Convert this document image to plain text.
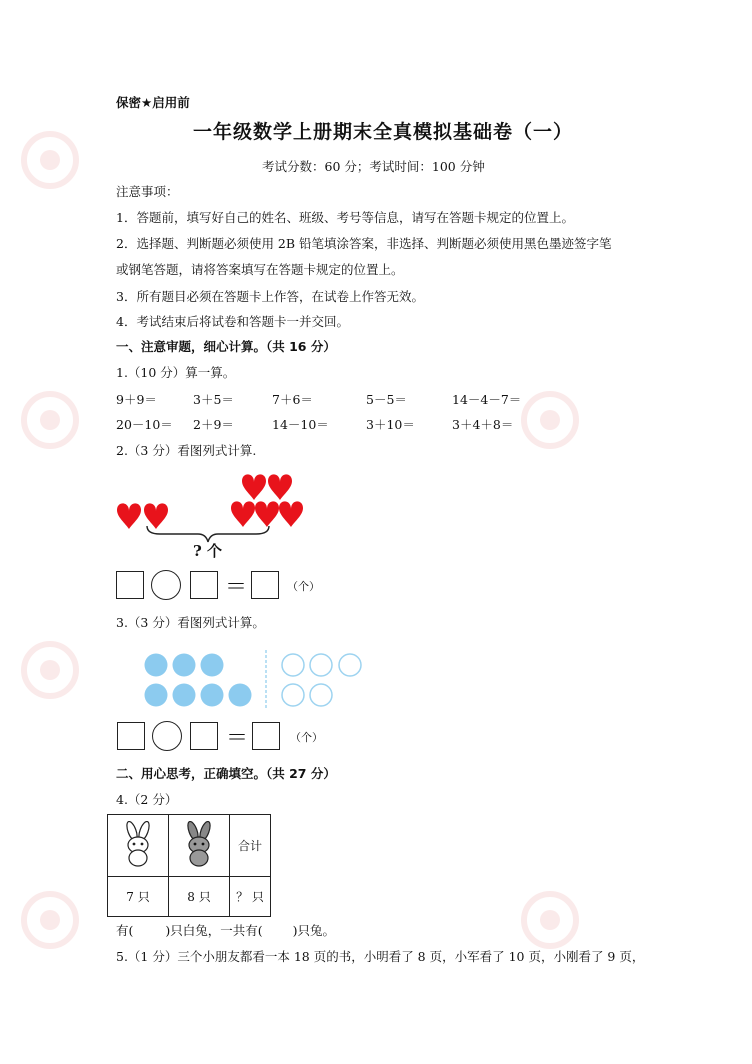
保密★启用前
一年级数学上册期末全真模拟基础卷（一）
考试分数：60 分；考试时间：100 分钟
注意事项：
1．答题前，填写好自己的姓名、班级、考号等信息，请写在答题卡规定的位置上。
2．选择题、判断题必须使用 2B 铅笔填涂答案，非选择、判断题必须使用黑色墨迹签字笔
或钢笔答题，请将答案填写在答题卡规定的位置上。
3．所有题目必须在答题卡上作答，在试卷上作答无效。
4．考试结束后将试卷和答题卡一并交回。
一、注意审题，细心计算。（共 16 分）
1.（10 分）算一算。
9＋9＝	3＋5＝	7＋6＝	5－5＝	14－4－7＝
20－10＝ 2＋9＝	14－10＝	3＋10＝	3＋4＋8＝
2.（3 分）看图列式计算.
? 个
＝	（个）
3.（3 分）看图列式计算。
＝	（个）
二、用心思考，正确填空。（共 27 分）
4.（2 分）
		合计
7 只	8 只	？ 只
有(	)只白兔，一共有( )只兔。
5.（1 分）三个小朋友都看一本 18 页的书，小明看了 8 页，小军看了 10 页，小刚看了 9 页，
